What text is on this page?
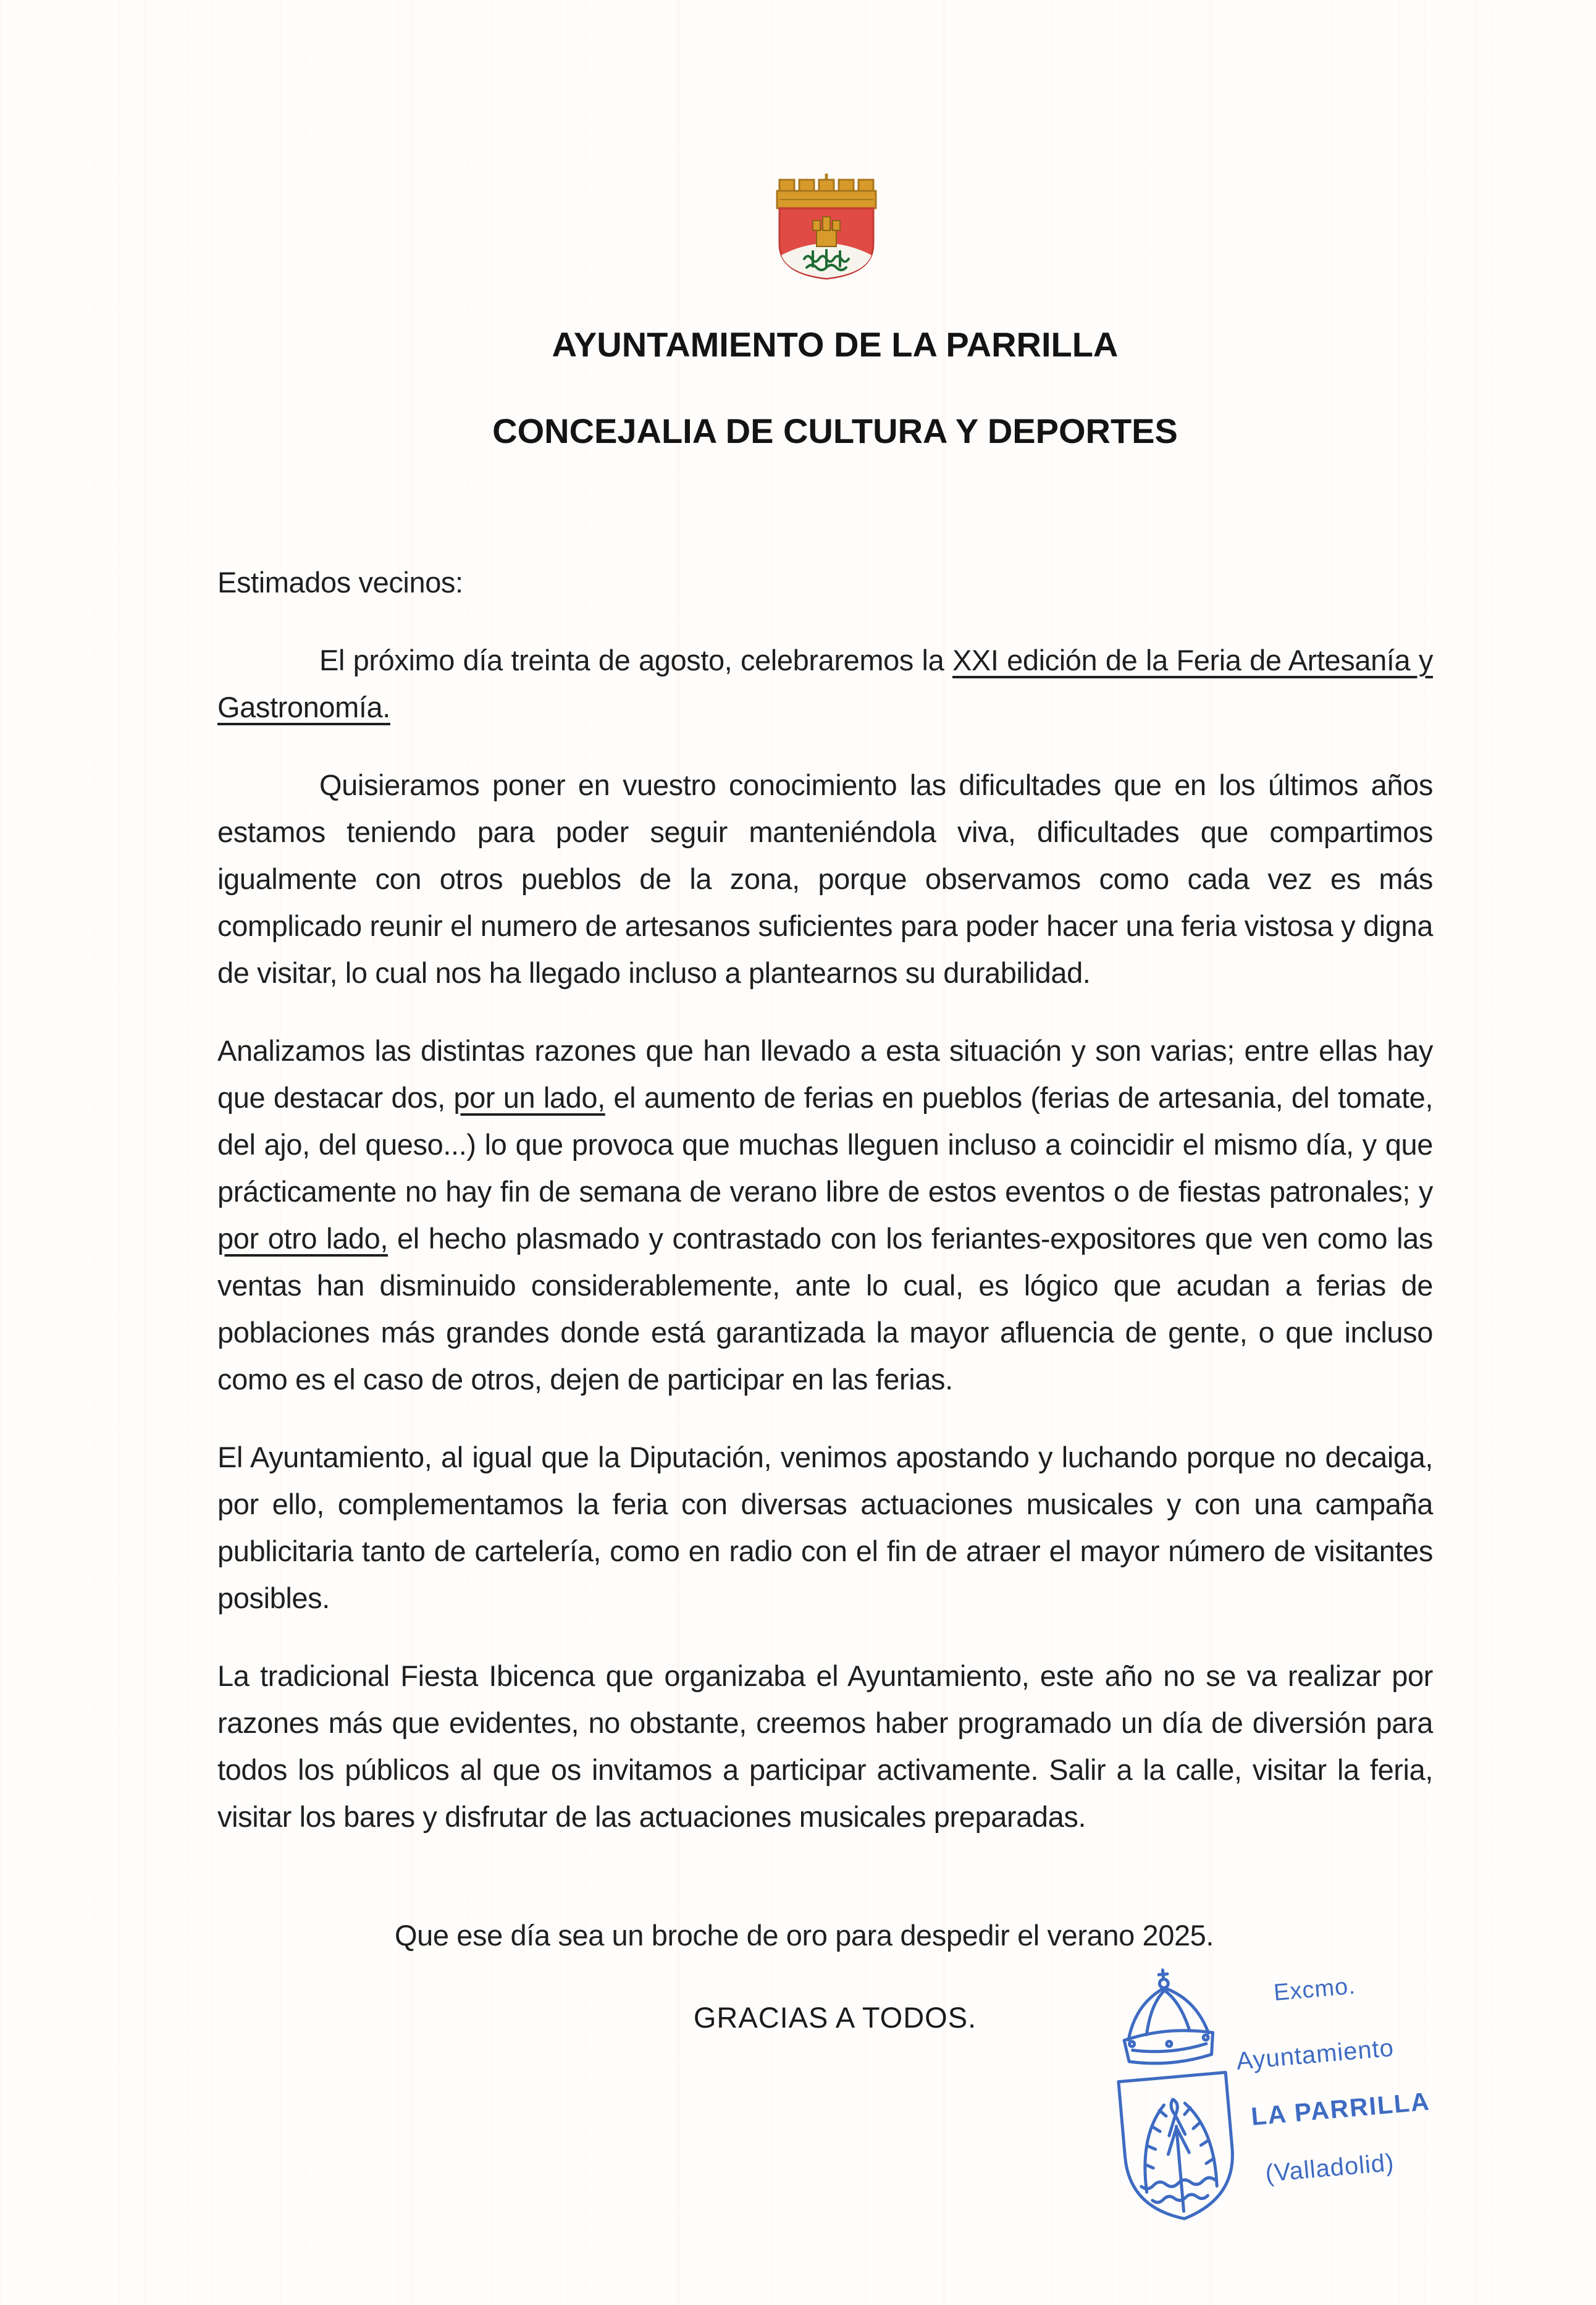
AYUNTAMIENTO DE LA PARRILLA
CONCEJALIA DE CULTURA Y DEPORTES

Estimados vecinos:

El próximo día treinta de agosto, celebraremos la XXI edición de la Feria de Artesanía y Gastronomía.

Quisieramos poner en vuestro conocimiento las dificultades que en los últimos años estamos teniendo para poder seguir manteniéndola viva, dificultades que compartimos igualmente con otros pueblos de la zona, porque observamos como cada vez es más complicado reunir el numero de artesanos suficientes para poder hacer una feria vistosa y digna de visitar, lo cual nos ha llegado incluso a plantearnos su durabilidad.

Analizamos las distintas razones que han llevado a esta situación y son varias; entre ellas hay que destacar dos, por un lado, el aumento de ferias en pueblos (ferias de artesania, del tomate, del ajo, del queso...) lo que provoca que muchas lleguen incluso a coincidir el mismo día, y que prácticamente no hay fin de semana de verano libre de estos eventos o de fiestas patronales; y por otro lado, el hecho plasmado y contrastado con los feriantes-expositores que ven como las ventas han disminuido considerablemente, ante lo cual, es lógico que acudan a ferias de poblaciones más grandes donde está garantizada la mayor afluencia de gente, o que incluso como es el caso de otros, dejen de participar en las ferias.

El Ayuntamiento, al igual que la Diputación, venimos apostando y luchando porque no decaiga, por ello, complementamos la feria con diversas actuaciones musicales y con una campaña publicitaria tanto de cartelería, como en radio con el fin de atraer el mayor número de visitantes posibles.

La tradicional Fiesta Ibicenca que organizaba el Ayuntamiento, este año no se va realizar por razones más que evidentes, no obstante, creemos haber programado un día de diversión para todos los públicos al que os invitamos a participar activamente. Salir a la calle, visitar la feria, visitar los bares y disfrutar de las actuaciones musicales preparadas.

Que ese día sea un broche de oro para despedir el verano 2025.
GRACIAS A TODOS.
Excmo.
Ayuntamiento
LA PARRILLA
(Valladolid)
